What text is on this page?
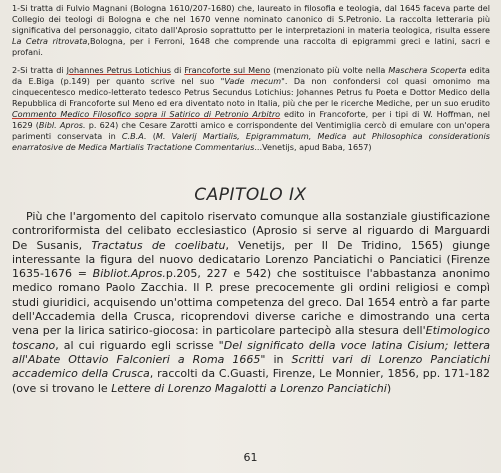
1-Si tratta di Fulvio Magnani (Bologna 1610/207-1680) che, laureato in filosofia e teologia, dal 1645 faceva parte del Collegio dei teologi di Bologna e che nel 1670 venne nominato canonico di S.Petronio. La raccolta letteraria più significativa del personaggio, citato dall'Aprosio soprattutto per le interpretazioni in materia teologica, risulta essere La Cetra ritrovata,Bologna, per i Ferroni, 1648 che comprende una raccolta di epigrammi greci e latini, sacri e profani.

2-Si tratta di Johannes Petrus Lotichius di Francoforte sul Meno (menzionato più volte nella Maschera Scoperta edita da E.Biga (p.149) per quanto scrive nel suo "Vade mecum". Da non confondersi col quasi omonimo ma cinquecentesco medico-letterato tedesco Petrus Secundus Lotichius: Johannes Petrus fu Poeta e Dottor Medico della Repubblica di Francoforte sul Meno ed era diventato noto in Italia, più che per le ricerche Mediche, per un suo erudito Commento Medico Filosofico sopra il Satirico di Petronio Arbitro edito in Francoforte, per i tipi di W. Hoffman, nel 1629 (Bibl. Apros. p. 624) che Cesare Zarotti amico e corrispondente del Ventimiglia cercò di emulare con un'opera parimenti conservata in C.B.A. (M. Valerij Martialis, Epigrammatum, Medica aut Philosophica considerationis enarratosive de Medica Martialis Tractatione Commentarius...Venetijs, apud Baba, 1657)

CAPITOLO IX

Più che l'argomento del capitolo riservato comunque alla sostanziale giustificazione controriformista del celibato ecclesiastico (Aprosio si serve al riguardo di Marguardi De Susanis, Tractatus de coelibatu, Venetijs, per Il De Tridino, 1565) giunge interessante la figura del nuovo dedicatario Lorenzo Panciatichi o Panciatici (Firenze 1635-1676 = Bibliot.Apros.p.205, 227 e 542) che sostituisce l'abbastanza anonimo medico romano Paolo Zacchia. Il P. prese precocemente gli ordini religiosi e compì studi giuridici, acquisendo un'ottima competenza del greco. Dal 1654 entrò a far parte dell'Accademia della Crusca, ricoprendovi diverse cariche e dimostrando una certa vena per la lirica satirico-giocosa: in particolare partecipò alla stesura dell'Etimologico toscano, al cui riguardo egli scrisse "Del significato della voce latina Cisium; lettera all'Abate Ottavio Falconieri a Roma 1665" in Scritti vari di Lorenzo Panciatichi accademico della Crusca, raccolti da C.Guasti, Firenze, Le Monnier, 1856, pp. 171-182 (ove si trovano le Lettere di Lorenzo Magalotti a Lorenzo Panciatichi)

61
